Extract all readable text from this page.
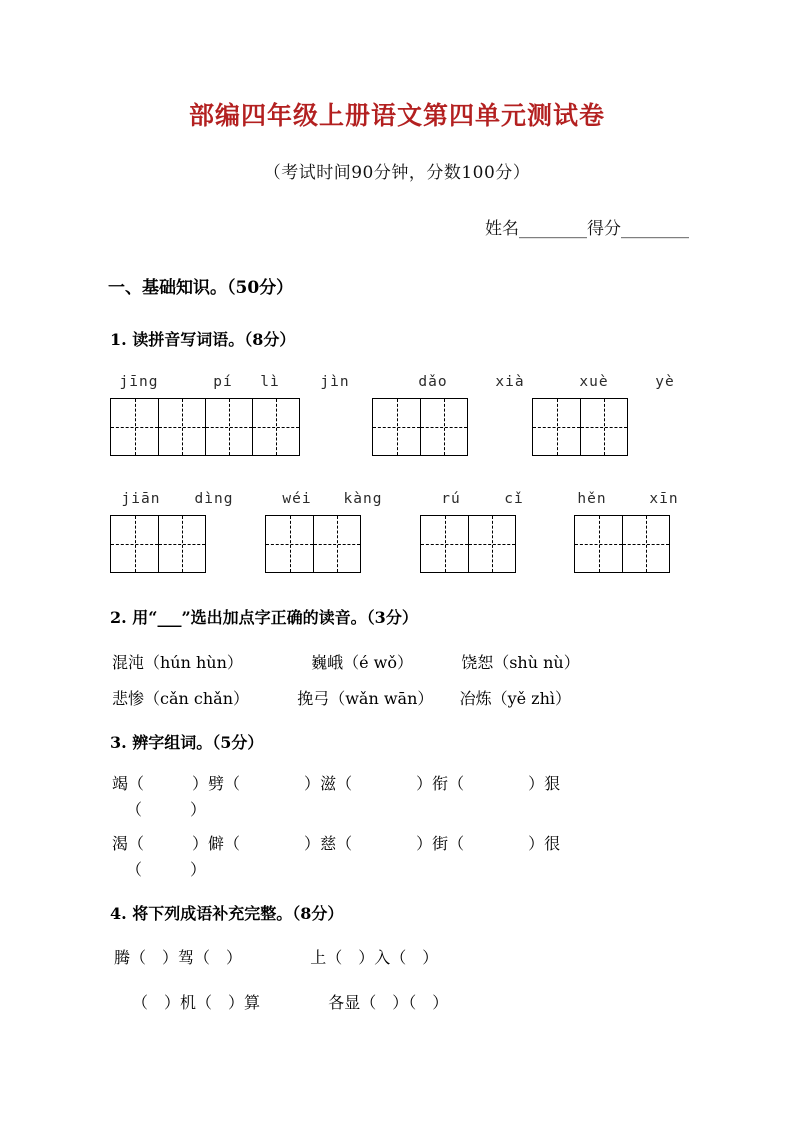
部编四年级上册语文第四单元测试卷
（考试时间90分钟，分数100分）
姓名________得分________
一、基础知识。（50分）
1. 读拼音写词语。（8分）
jīng	pí lì	jìn	dǎo	xià	xuè	yè
jiān dìng	wéi kàng	rú	cǐ	hěn	xīn
2. 用“___”选出加点字正确的读音。（3分）
混沌（hún hùn）	巍峨（é wǒ）	饶恕（shù nù）
悲惨（cǎn chǎn）	挽弓（wǎn wān） 冶炼（yě zhì）
3. 辨字组词。（5分）
竭（　　　）劈（　　　　）滋（　　　　）衔（　　　　）狠
（　　　）
渴（　　　）僻（　　　　）慈（　　　　）街（　　　　）很
（　　　）
4. 将下列成语补充完整。（8分）
腾（　）驾（　）	上（　）入（　）
（　）机（　）算	各显（　）（　）
